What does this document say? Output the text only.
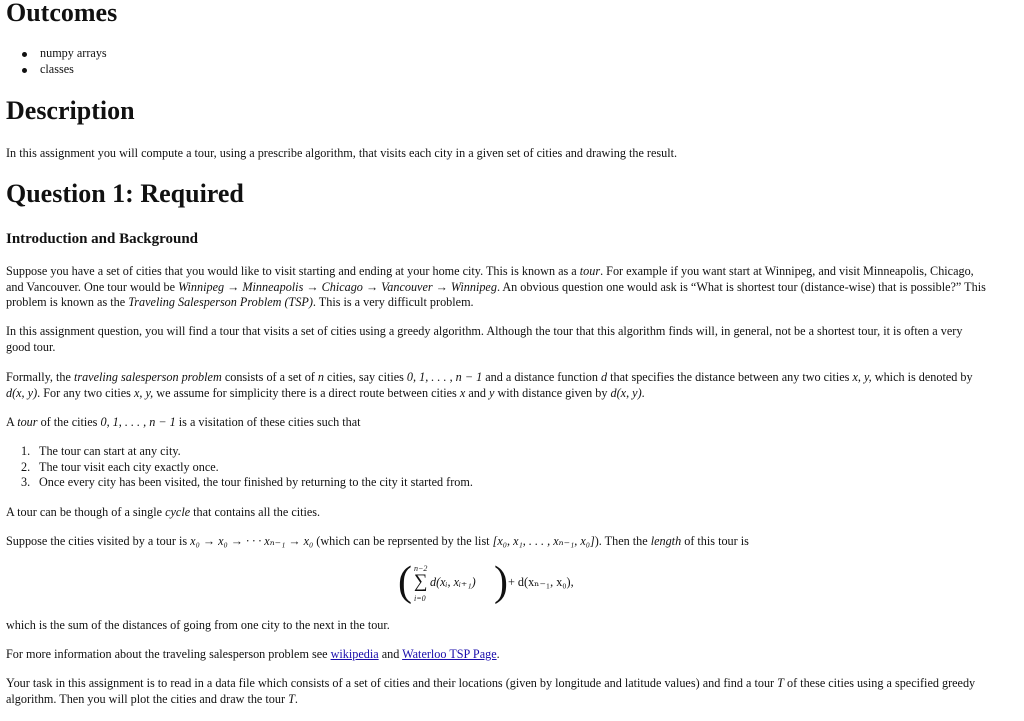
Outcomes
numpy arrays
classes
Description

In this assignment you will compute a tour, using a prescribe algorithm, that visits each city in a given set of cities and drawing the result.

Question 1: Required
Introduction and Background

Suppose you have a set of cities that you would like to visit starting and ending at your home city. This is known as a tour. For example if you want start at Winnipeg, and visit Minneapolis, Chicago, and Vancouver. One tour would be Winnipeg → Minneapolis → Chicago → Vancouver → Winnipeg. An obvious question one would ask is “What is shortest tour (distance-wise) that is possible?” This problem is known as the Traveling Salesperson Problem (TSP). This is a very difficult problem.

In this assignment question, you will find a tour that visits a set of cities using a greedy algorithm. Although the tour that this algorithm finds will, in general, not be a shortest tour, it is often a very good tour.

Formally, the traveling salesperson problem consists of a set of n cities, say cities 0, 1, . . . , n − 1 and a distance function d that specifies the distance between any two cities x, y, which is denoted by d(x, y). For any two cities x, y, we assume for simplicity there is a direct route between cities x and y with distance given by d(x, y).

A tour of the cities 0, 1, . . . , n − 1 is a visitation of these cities such that

1. The tour can start at any city.
2. The tour visit each city exactly once.
3. Once every city has been visited, the tour finished by returning to the city it started from.

A tour can be though of a single cycle that contains all the cities.

Suppose the cities visited by a tour is x₀ → x₀ → · · · xₙ₋₁ → x₀ (which can be reprsented by the list [x₀, x₁, . . . , xₙ₋₁, x₀]). Then the length of this tour is

( n−2
∑
i=0
d(xᵢ, xᵢ₊₁) ) + d(xₙ₋₁, x₀),

which is the sum of the distances of going from one city to the next in the tour.

For more information about the traveling salesperson problem see wikipedia and Waterloo TSP Page.

Your task in this assignment is to read in a data file which consists of a set of cities and their locations (given by longitude and latitude values) and find a tour T of these cities using a specified greedy algorithm. Then you will plot the cities and draw the tour T.
